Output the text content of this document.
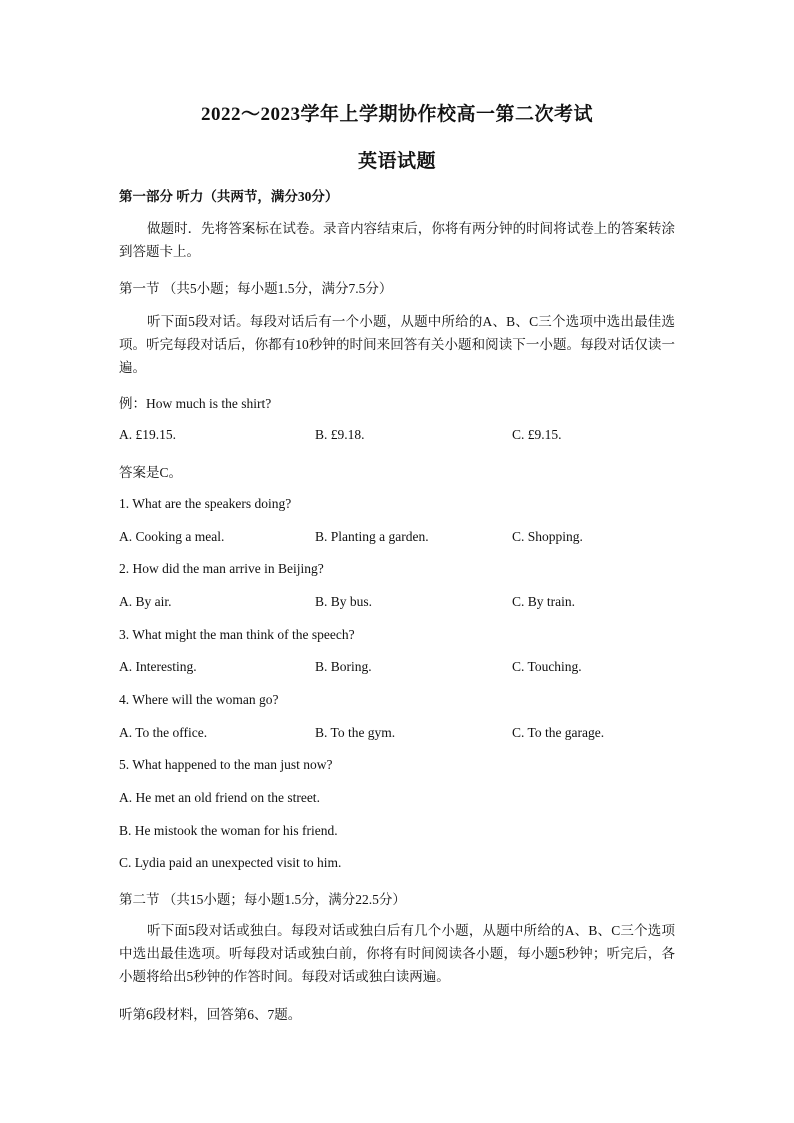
2022～2023学年上学期协作校高一第二次考试
英语试题
第一部分 听力（共两节，满分30分）
做题时．先将答案标在试卷。录音内容结束后，你将有两分钟的时间将试卷上的答案转涂到答题卡上。
第一节 （共5小题；每小题1.5分，满分7.5分）
听下面5段对话。每段对话后有一个小题，从题中所给的A、B、C三个选项中选出最佳选项。听完每段对话后，你都有10秒钟的时间来回答有关小题和阅读下一小题。每段对话仅读一遍。
例：How much is the shirt?
A. £19.15.	B. £9.18.	C. £9.15.
答案是C。
1. What are the speakers doing?
A. Cooking a meal.	B. Planting a garden.	C. Shopping.
2. How did the man arrive in Beijing?
A. By air.	B. By bus.	C. By train.
3. What might the man think of the speech?
A. Interesting.	B. Boring.	C. Touching.
4. Where will the woman go?
A. To the office.	B. To the gym.	C. To the garage.
5. What happened to the man just now?
A. He met an old friend on the street.
B. He mistook the woman for his friend.
C. Lydia paid an unexpected visit to him.
第二节 （共15小题；每小题1.5分，满分22.5分）
听下面5段对话或独白。每段对话或独白后有几个小题，从题中所给的A、B、C三个选项中选出最佳选项。听每段对话或独白前，你将有时间阅读各小题，每小题5秒钟；听完后，各小题将给出5秒钟的作答时间。每段对话或独白读两遍。
听第6段材料，回答第6、7题。
